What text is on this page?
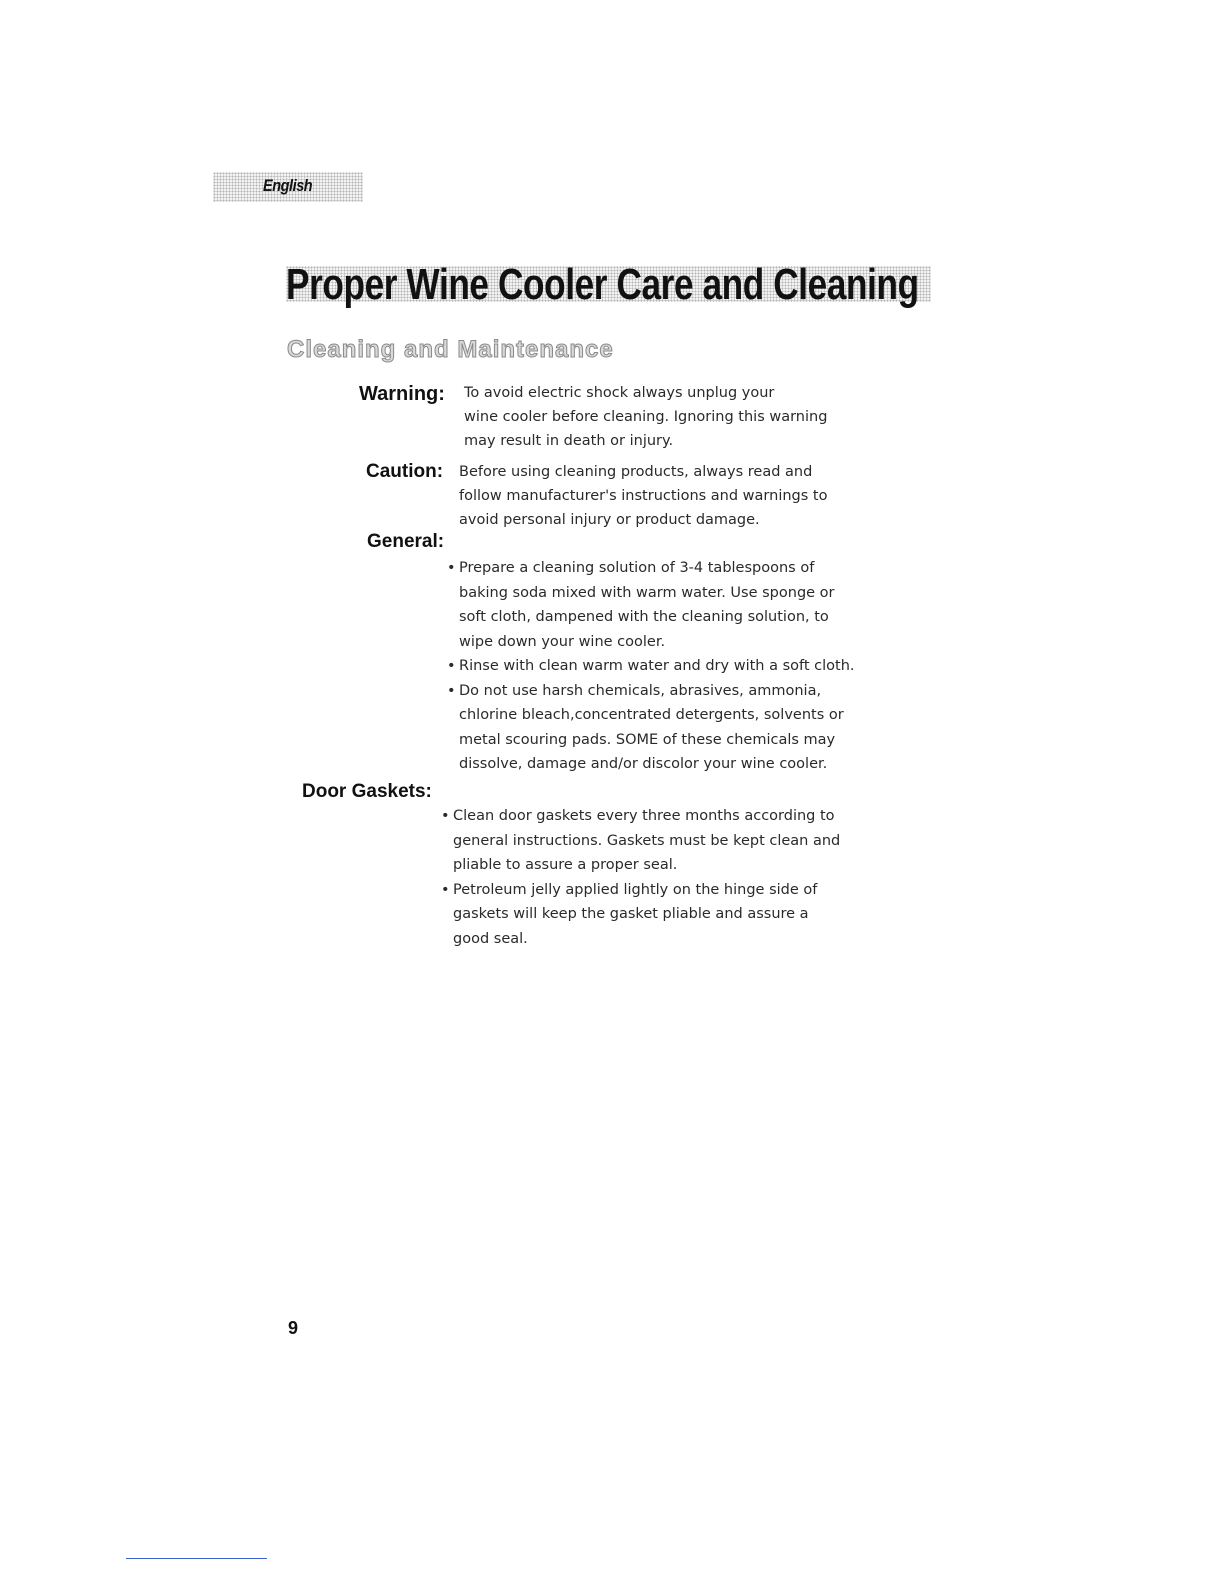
English
Proper Wine Cooler Care and Cleaning
Cleaning and Maintenance

Warning: To avoid electric shock always unplug your
wine cooler before cleaning. Ignoring this warning
may result in death or injury.

Caution: Before using cleaning products, always read and
follow manufacturer's instructions and warnings to
avoid personal injury or product damage.

General:

• Prepare a cleaning solution of 3-4 tablespoons of
baking soda mixed with warm water. Use sponge or
soft cloth, dampened with the cleaning solution, to
wipe down your wine cooler.
• Rinse with clean warm water and dry with a soft cloth.
• Do not use harsh chemicals, abrasives, ammonia,
chlorine bleach,concentrated detergents, solvents or
metal scouring pads. SOME of these chemicals may
dissolve, damage and/or discolor your wine cooler.

Door Gaskets:

• Clean door gaskets every three months according to
general instructions. Gaskets must be kept clean and
pliable to assure a proper seal.
• Petroleum jelly applied lightly on the hinge side of
gaskets will keep the gasket pliable and assure a
good seal.

9
